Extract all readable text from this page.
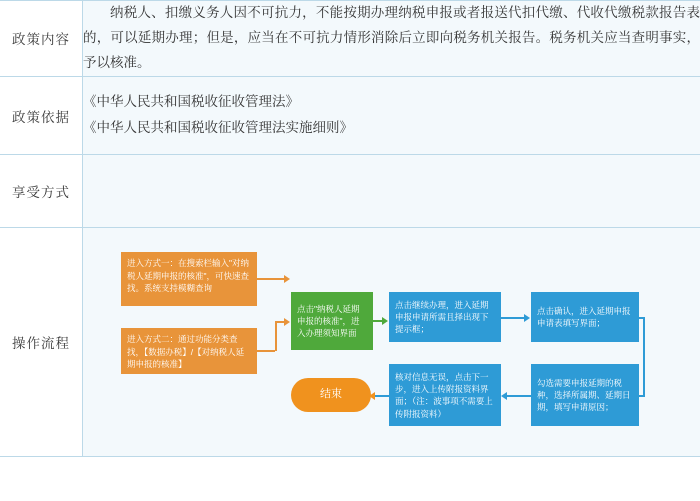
政策内容	纳税人、扣缴义务人因不可抗力，不能按期办理纳税申报或者报送代扣代缴、代收代缴税款报告表的，可以延期办理；但是，应当在不可抗力情形消除后立即向税务机关报告。税务机关应当查明事实，予以核准。
政策依据	《中华人民共和国税收征收管理法》
《中华人民共和国税收征收管理法实施细则》

享受方式	
操作流程	
进入方式一：在搜索栏输入"对纳税人延期申报的核准"，可快速查找。系统支持模糊查询
进入方式二：通过功能分类查找，【数据办税】/【对纳税人延期申报的核准】
点击"纳税人延期申报的核准"，进入办理须知界面
点击继续办理，进入延期申报申请所需且择出现下提示框；
点击确认，进入延期申报申请表填写界面；
勾选需要申报延期的税种，选择所属期、延期日期，填写申请原因；
核对信息无误，点击下一步，进入上传附报资料界面；（注：波事项不需要上传附报资料）
结束
